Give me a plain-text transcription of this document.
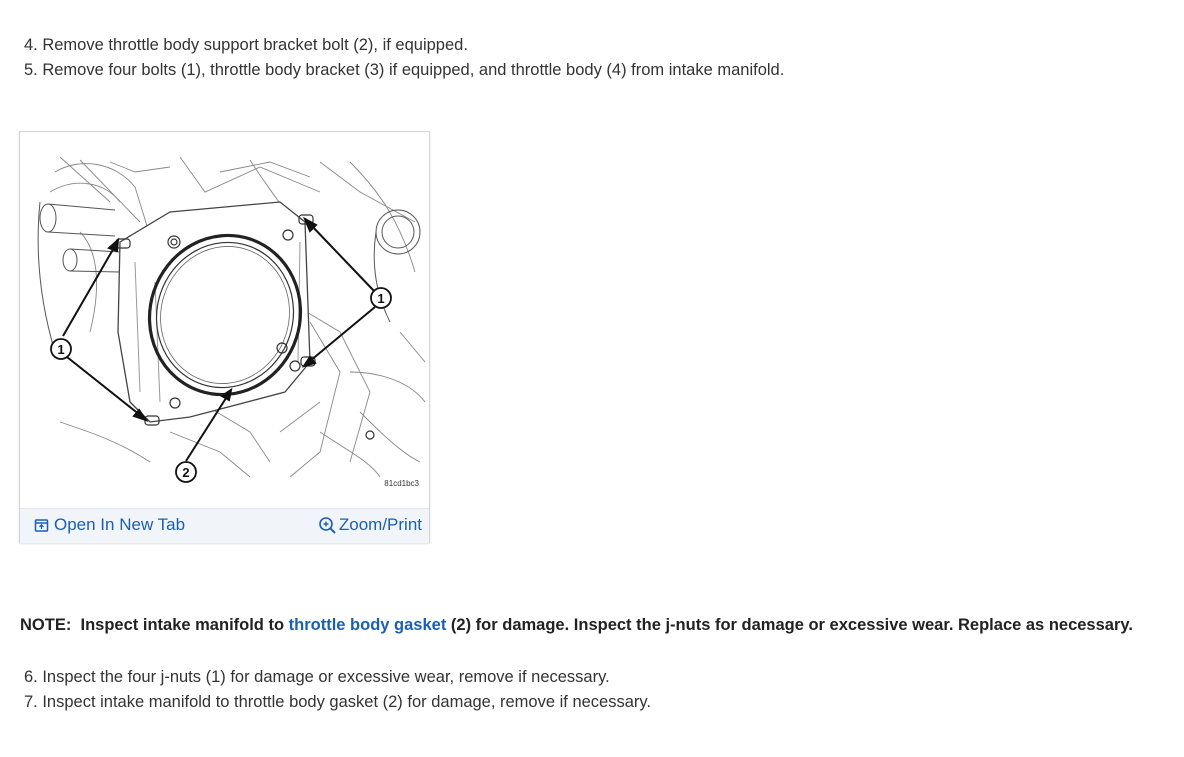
4. Remove throttle body support bracket bolt (2), if equipped.
5. Remove four bolts (1), throttle body bracket (3) if equipped, and throttle body (4) from intake manifold.
1
1
2
81cd1bc3
Open In New Tab	Zoom/Print

NOTE: Inspect intake manifold to throttle body gasket (2) for damage. Inspect the j-nuts for damage or excessive wear. Replace as necessary.

6. Inspect the four j-nuts (1) for damage or excessive wear, remove if necessary.
7. Inspect intake manifold to throttle body gasket (2) for damage, remove if necessary.
